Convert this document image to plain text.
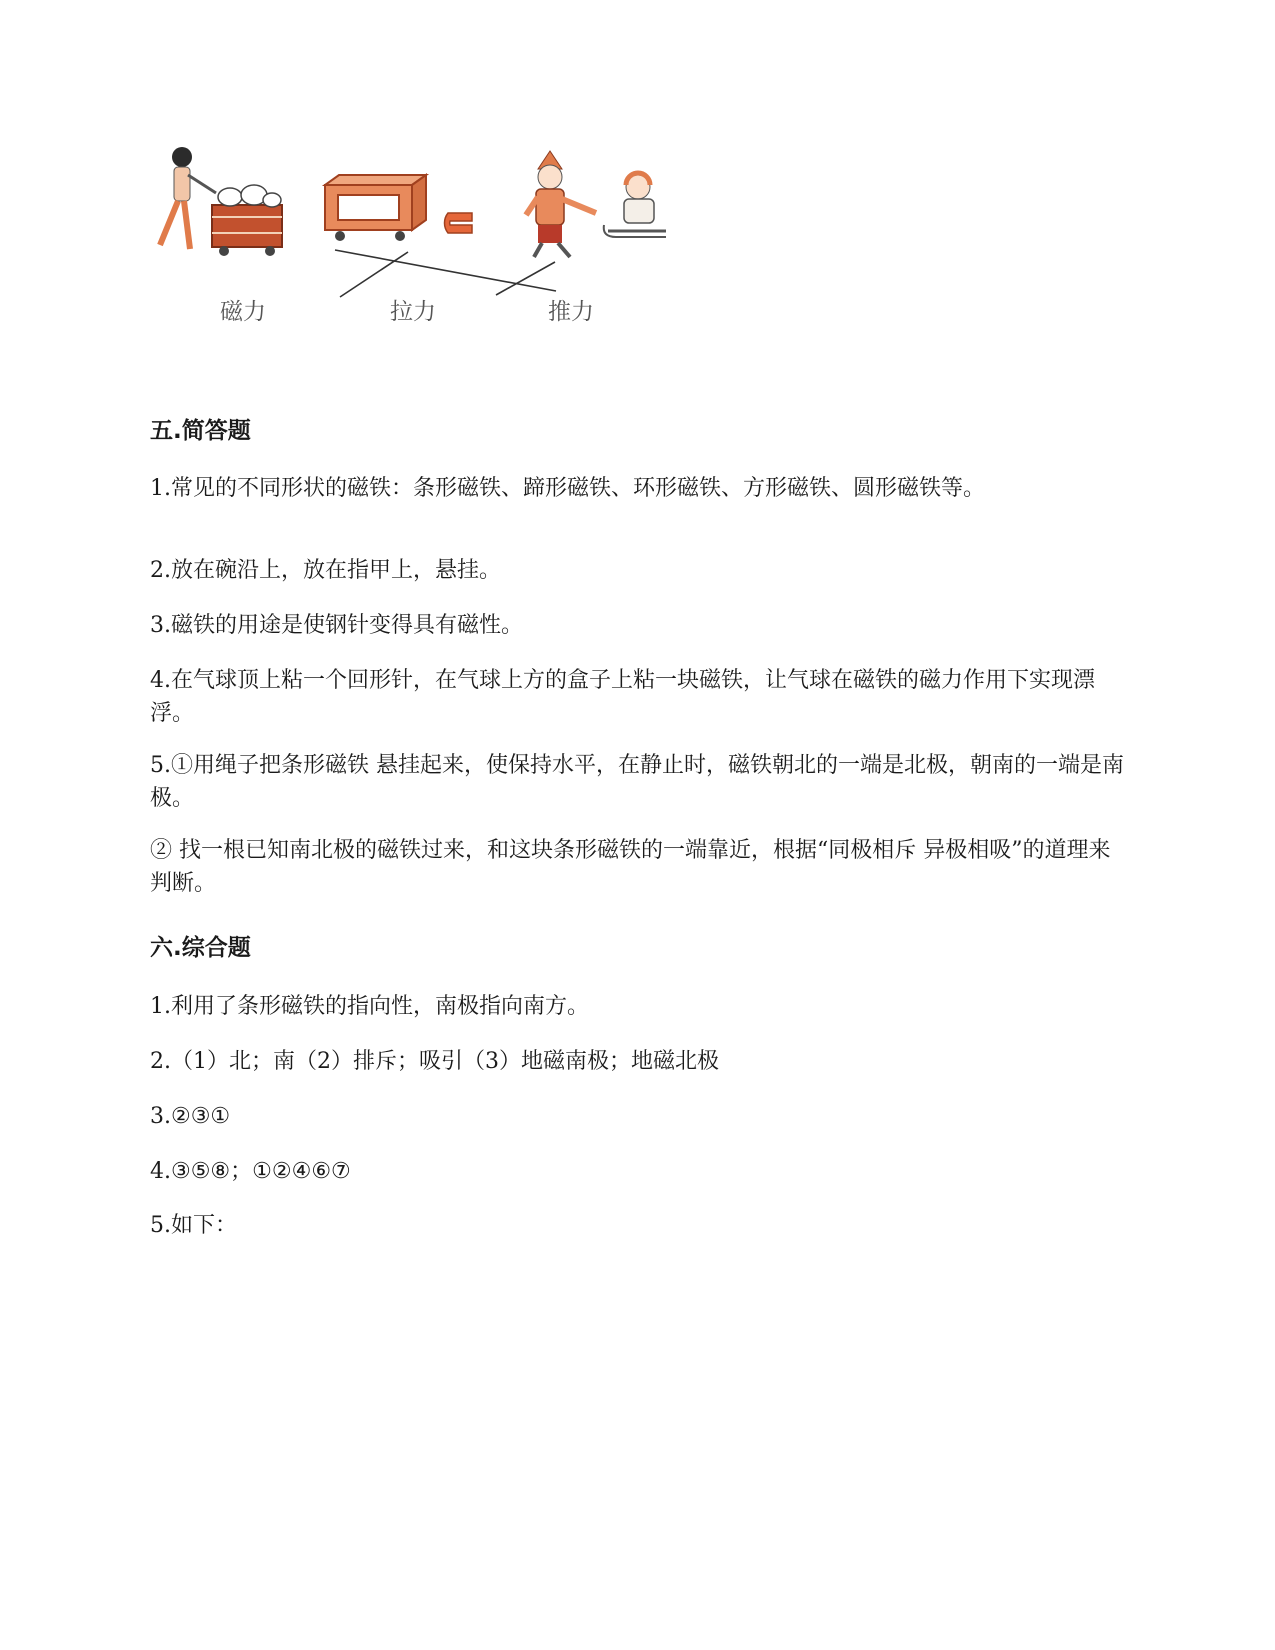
磁力	拉力	推力
五.简答题
1.常见的不同形状的磁铁：条形磁铁、蹄形磁铁、环形磁铁、方形磁铁、圆形磁铁等。
2.放在碗沿上，放在指甲上，悬挂。
3.磁铁的用途是使钢针变得具有磁性。
4.在气球顶上粘一个回形针，在气球上方的盒子上粘一块磁铁，让气球在磁铁的磁力作用下实现漂浮。
5.①用绳子把条形磁铁 悬挂起来，使保持水平，在静止时，磁铁朝北的一端是北极，朝南的一端是南极。
② 找一根已知南北极的磁铁过来，和这块条形磁铁的一端靠近，根据“同极相斥 异极相吸”的道理来判断。
六.综合题
1.利用了条形磁铁的指向性，南极指向南方。
2.（1）北；南（2）排斥；吸引（3）地磁南极；地磁北极
3.②③①
4.③⑤⑧；①②④⑥⑦
5.如下：
